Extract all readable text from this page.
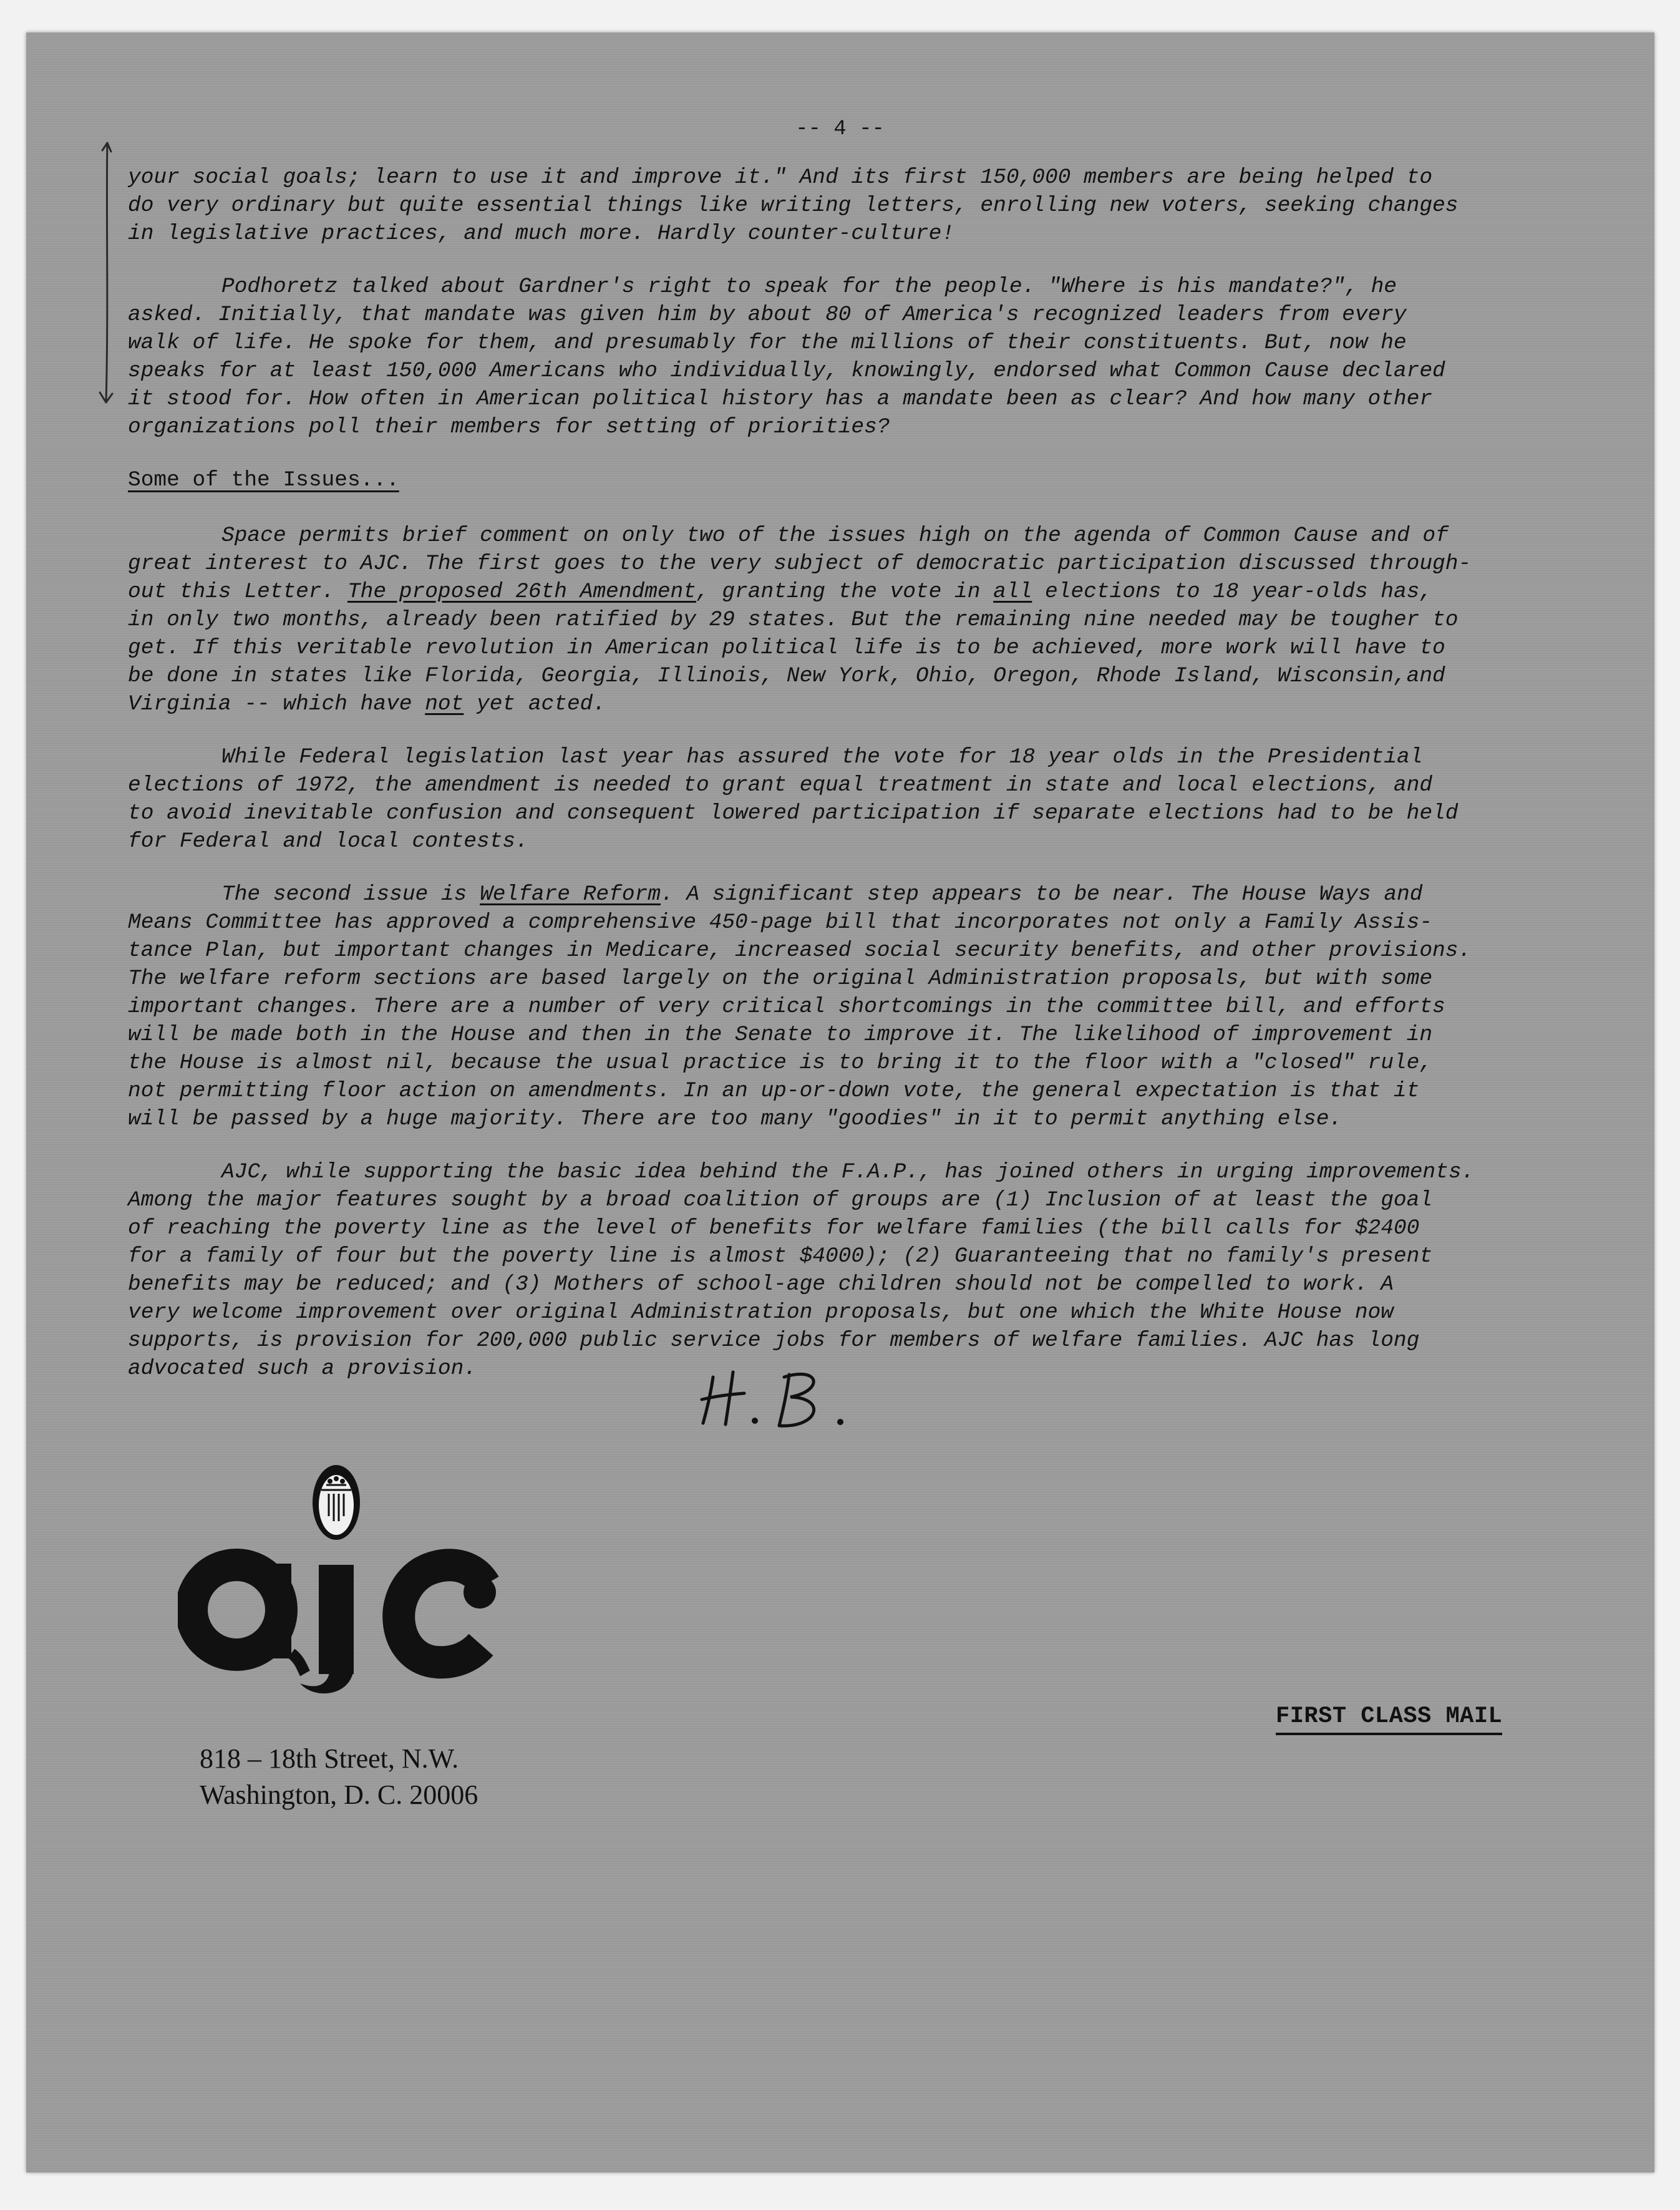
-- 4 --

your social goals; learn to use it and improve it." And its first 150,000 members are being helped to
do very ordinary but quite essential things like writing letters, enrolling new voters, seeking changes
in legislative practices, and much more. Hardly counter-culture!

Podhoretz talked about Gardner's right to speak for the people. "Where is his mandate?", he
asked. Initially, that mandate was given him by about 80 of America's recognized leaders from every
walk of life. He spoke for them, and presumably for the millions of their constituents. But, now he
speaks for at least 150,000 Americans who individually, knowingly, endorsed what Common Cause declared
it stood for. How often in American political history has a mandate been as clear? And how many other
organizations poll their members for setting of priorities?

Some of the Issues...

Space permits brief comment on only two of the issues high on the agenda of Common Cause and of
great interest to AJC. The first goes to the very subject of democratic participation discussed through-
out this Letter. The proposed 26th Amendment, granting the vote in all elections to 18 year-olds has,
in only two months, already been ratified by 29 states. But the remaining nine needed may be tougher to
get. If this veritable revolution in American political life is to be achieved, more work will have to
be done in states like Florida, Georgia, Illinois, New York, Ohio, Oregon, Rhode Island, Wisconsin,and
Virginia -- which have not yet acted.

While Federal legislation last year has assured the vote for 18 year olds in the Presidential
elections of 1972, the amendment is needed to grant equal treatment in state and local elections, and
to avoid inevitable confusion and consequent lowered participation if separate elections had to be held
for Federal and local contests.

The second issue is Welfare Reform. A significant step appears to be near. The House Ways and
Means Committee has approved a comprehensive 450-page bill that incorporates not only a Family Assis-
tance Plan, but important changes in Medicare, increased social security benefits, and other provisions.
The welfare reform sections are based largely on the original Administration proposals, but with some
important changes. There are a number of very critical shortcomings in the committee bill, and efforts
will be made both in the House and then in the Senate to improve it. The likelihood of improvement in
the House is almost nil, because the usual practice is to bring it to the floor with a "closed" rule,
not permitting floor action on amendments. In an up-or-down vote, the general expectation is that it
will be passed by a huge majority. There are too many "goodies" in it to permit anything else.

AJC, while supporting the basic idea behind the F.A.P., has joined others in urging improvements.
Among the major features sought by a broad coalition of groups are (1) Inclusion of at least the goal
of reaching the poverty line as the level of benefits for welfare families (the bill calls for $2400
for a family of four but the poverty line is almost $4000); (2) Guaranteeing that no family's present
benefits may be reduced; and (3) Mothers of school-age children should not be compelled to work. A
very welcome improvement over original Administration proposals, but one which the White House now
supports, is provision for 200,000 public service jobs for members of welfare families. AJC has long
advocated such a provision.

818 – 18th Street, N.W.
Washington, D. C. 20006
FIRST CLASS MAIL
